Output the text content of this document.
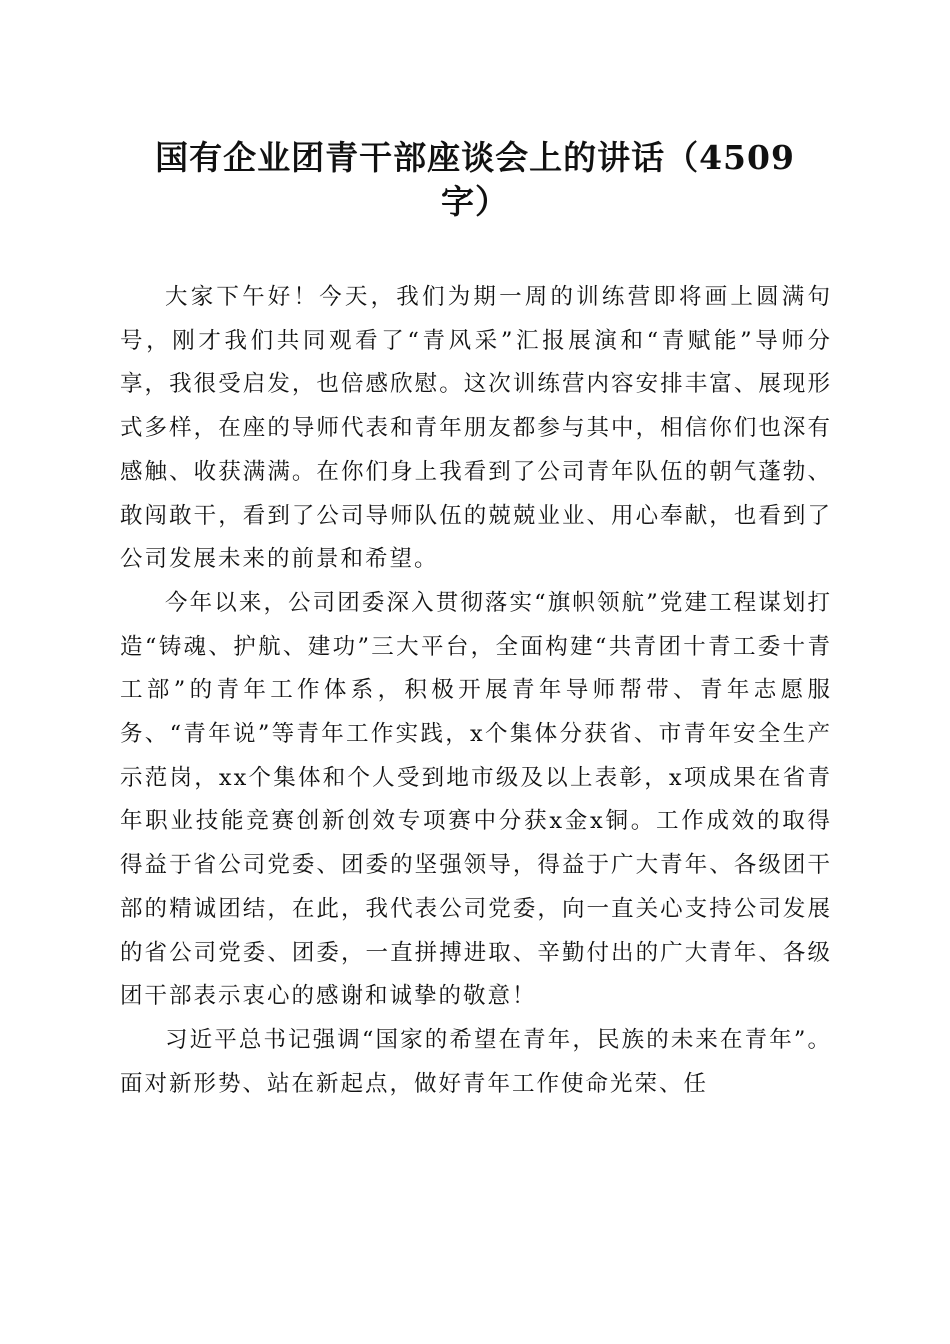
国有企业团青干部座谈会上的讲话（4509
字）

大家下午好！今天，我们为期一周的训练营即将画上圆满句号，刚才我们共同观看了“青风采”汇报展演和“青赋能”导师分享，我很受启发，也倍感欣慰。这次训练营内容安排丰富、展现形式多样，在座的导师代表和青年朋友都参与其中，相信你们也深有感触、收获满满。在你们身上我看到了公司青年队伍的朝气蓬勃、敢闯敢干，看到了公司导师队伍的兢兢业业、用心奉献，也看到了公司发展未来的前景和希望。

今年以来，公司团委深入贯彻落实“旗帜领航”党建工程谋划打造“铸魂、护航、建功”三大平台，全面构建“共青团十青工委十青工部”的青年工作体系，积极开展青年导师帮带、青年志愿服务、“青年说”等青年工作实践，x个集体分获省、市青年安全生产示范岗，xx个集体和个人受到地市级及以上表彰，x项成果在省青年职业技能竞赛创新创效专项赛中分获x金x铜。工作成效的取得得益于省公司党委、团委的坚强领导，得益于广大青年、各级团干部的精诚团结，在此，我代表公司党委，向一直关心支持公司发展的省公司党委、团委，一直拼搏进取、辛勤付出的广大青年、各级团干部表示衷心的感谢和诚挚的敬意！

习近平总书记强调“国家的希望在青年，民族的未来在青年”。面对新形势、站在新起点，做好青年工作使命光荣、任
